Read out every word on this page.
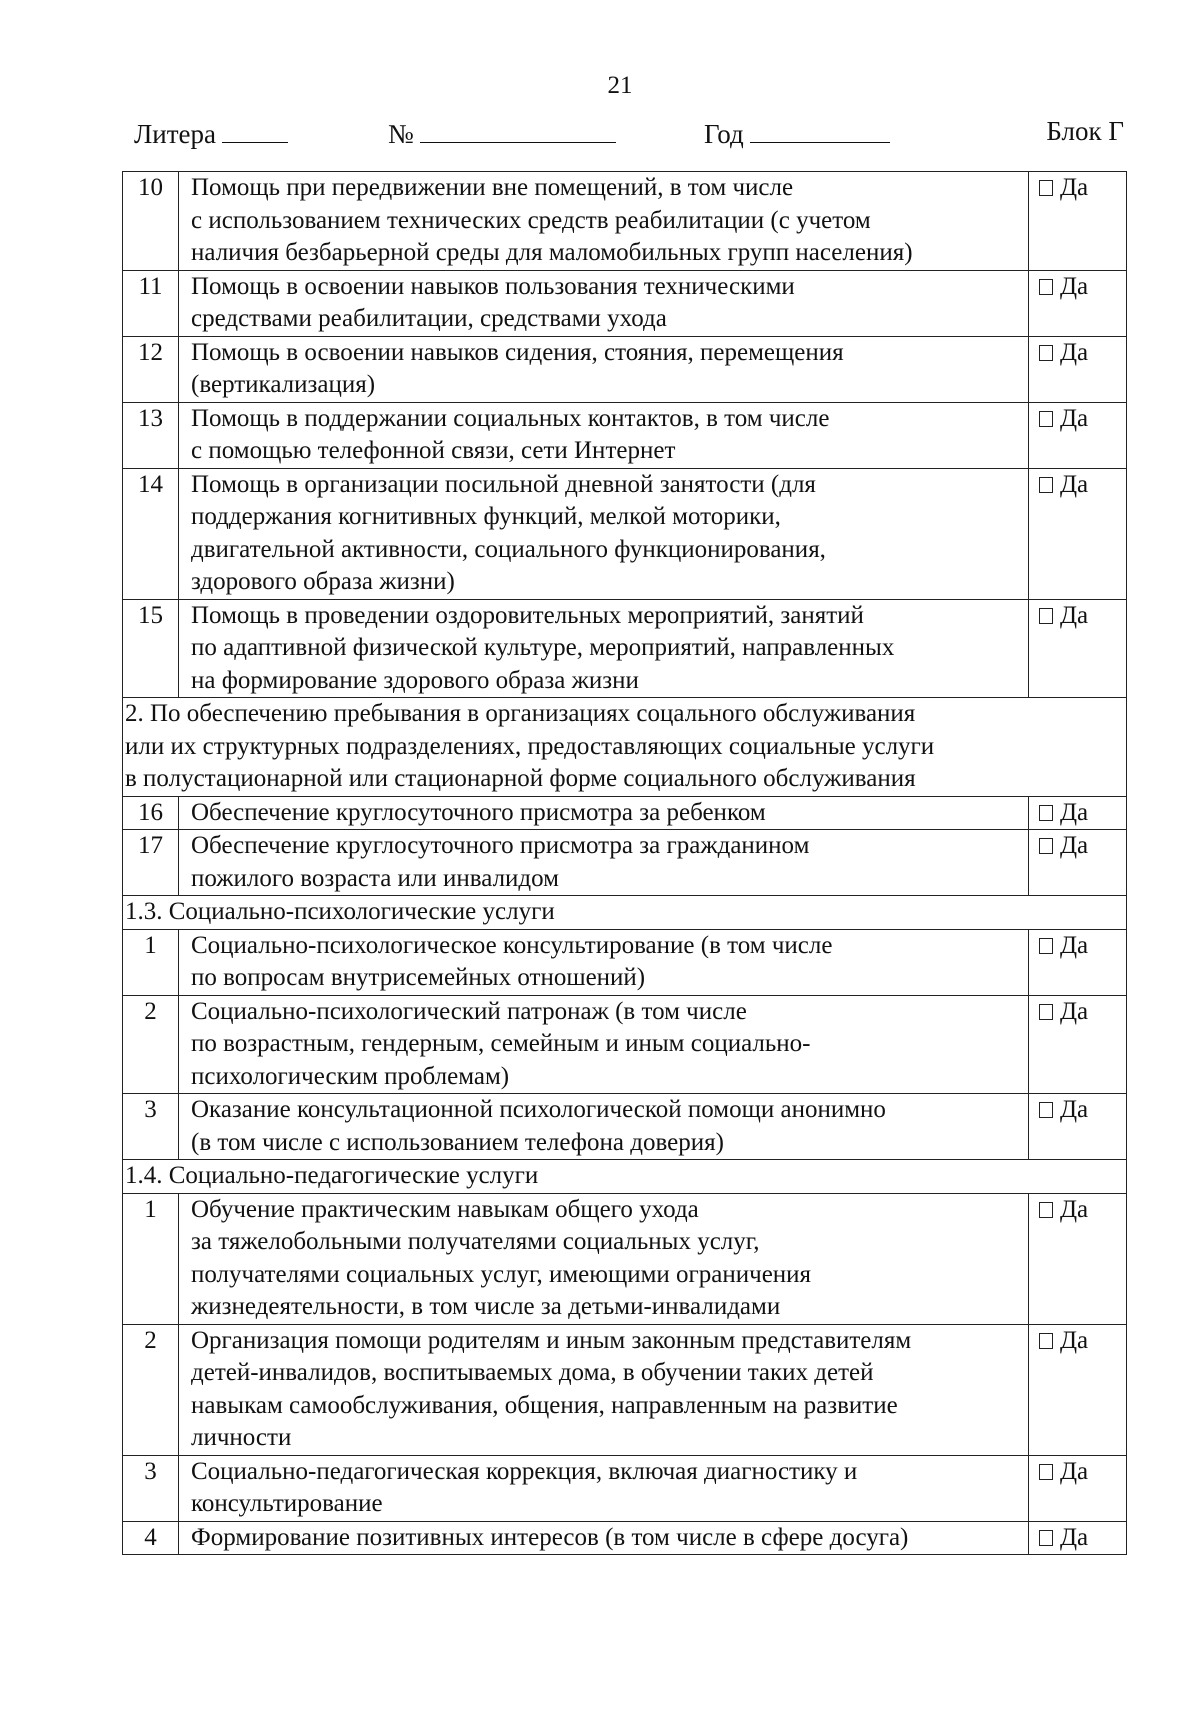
21
Литера	№	Год	Блок Г
10	Помощь при передвижении вне помещений, в том числе
с использованием технических средств реабилитации (с учетом
наличия безбарьерной среды для маломобильных групп населения)	Да
11	Помощь в освоении навыков пользования техническими
средствами реабилитации, средствами ухода	Да
12	Помощь в освоении навыков сидения, стояния, перемещения
(вертикализация)	Да
13	Помощь в поддержании социальных контактов, в том числе
с помощью телефонной связи, сети Интернет	Да
14	Помощь в организации посильной дневной занятости (для
поддержания когнитивных функций, мелкой моторики,
двигательной активности, социального функционирования,
здорового образа жизни)	Да
15	Помощь в проведении оздоровительных мероприятий, занятий
по адаптивной физической культуре, мероприятий, направленных
на формирование здорового образа жизни	Да

2. По обеспечению пребывания в организациях соцального обслуживания
или их структурных подразделениях, предоставляющих социальные услуги
в полустационарной или стационарной форме социального обслуживания		

16	Обеспечение круглосуточного присмотра за ребенком	Да
17	Обеспечение круглосуточного присмотра за гражданином
пожилого возраста или инвалидом	Да

1.3. Социально-психологические услуги		

1	Социально-психологическое консультирование (в том числе
по вопросам внутрисемейных отношений)	Да
2	Социально-психологический патронаж (в том числе
по возрастным, гендерным, семейным и иным социально-
психологическим проблемам)	Да
3	Оказание консультационной психологической помощи анонимно
(в том числе с использованием телефона доверия)	Да

1.4. Социально-педагогические услуги		

1	Обучение практическим навыкам общего ухода
за тяжелобольными получателями социальных услуг,
получателями социальных услуг, имеющими ограничения
жизнедеятельности, в том числе за детьми-инвалидами	Да
2	Организация помощи родителям и иным законным представителям
детей-инвалидов, воспитываемых дома, в обучении таких детей
навыкам самообслуживания, общения, направленным на развитие
личности	Да
3	Социально-педагогическая коррекция, включая диагностику и
консультирование	Да
4	Формирование позитивных интересов (в том числе в сфере досуга)	Да
